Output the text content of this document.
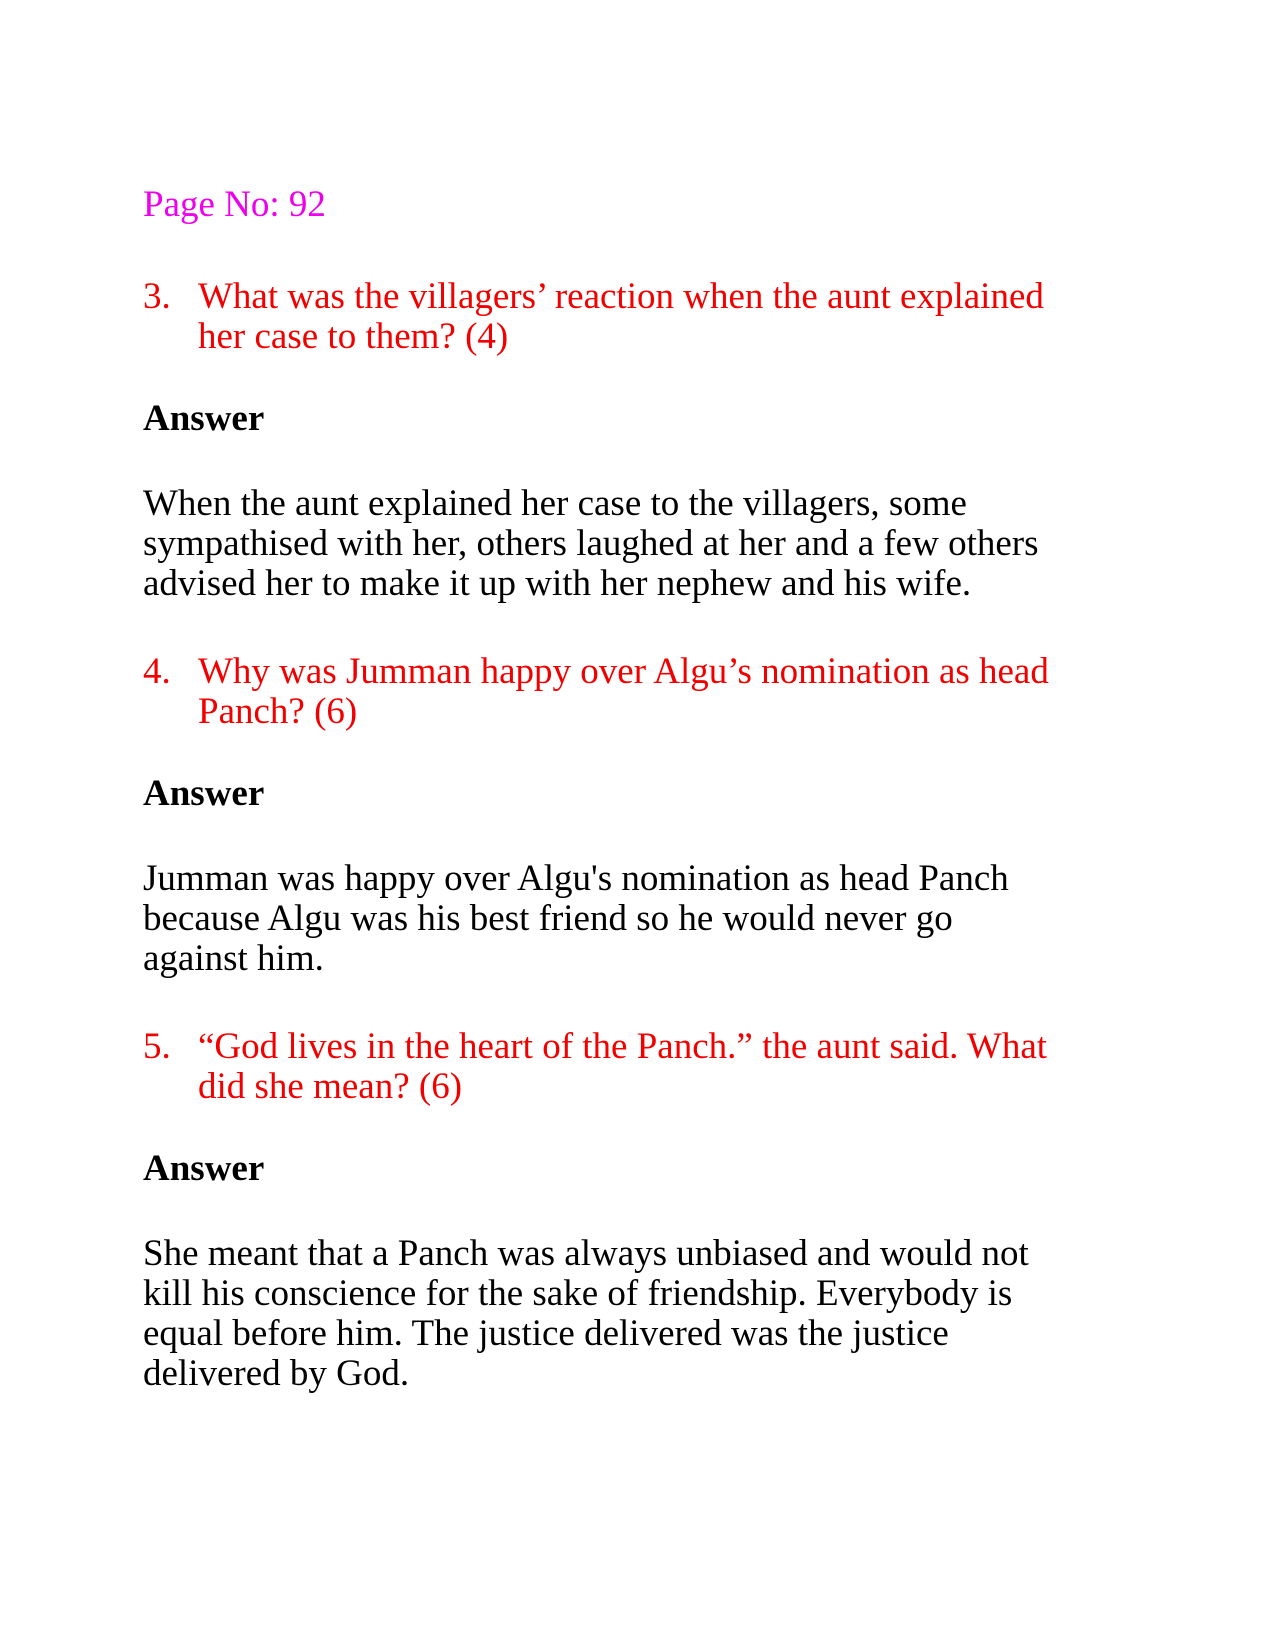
Page No: 92
3. What was the villagers’ reaction when the aunt explained her case to them? (4)
Answer

When the aunt explained her case to the villagers, some sympathised with her, others laughed at her and a few others advised her to make it up with her nephew and his wife.

4. Why was Jumman happy over Algu’s nomination as head Panch? (6)
Answer

Jumman was happy over Algu's nomination as head Panch because Algu was his best friend so he would never go against him.

5. “God lives in the heart of the Panch.” the aunt said. What did she mean? (6)
Answer

She meant that a Panch was always unbiased and would not kill his conscience for the sake of friendship. Everybody is equal before him. The justice delivered was the justice delivered by God.
